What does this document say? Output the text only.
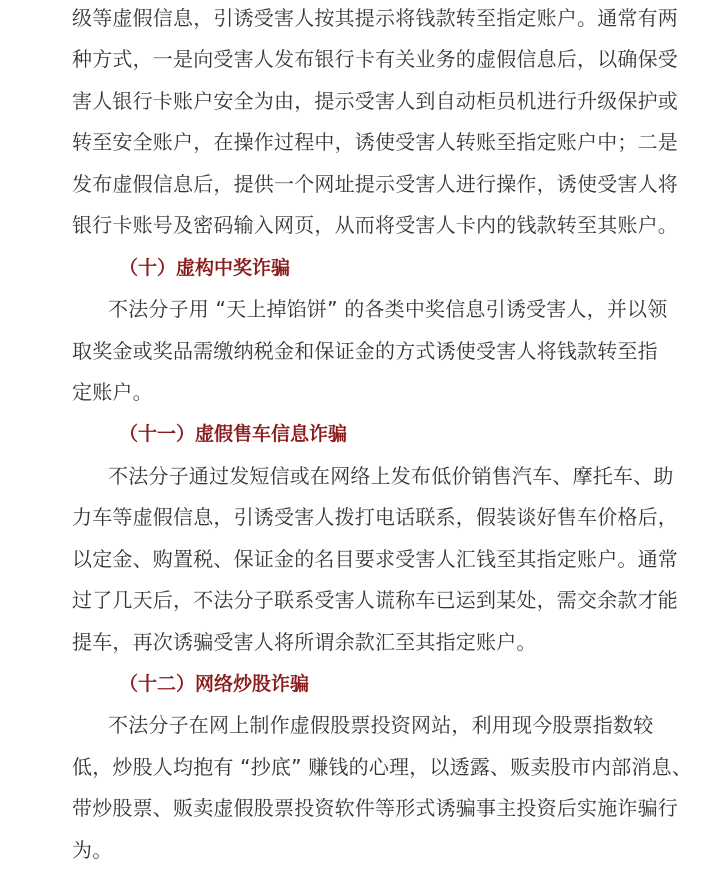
级等虚假信息，引诱受害人按其提示将钱款转至指定账户。通常有两
种方式，一是向受害人发布银行卡有关业务的虚假信息后，以确保受
害人银行卡账户安全为由，提示受害人到自动柜员机进行升级保护或
转至安全账户，在操作过程中，诱使受害人转账至指定账户中；二是
发布虚假信息后，提供一个网址提示受害人进行操作，诱使受害人将
银行卡账号及密码输入网页，从而将受害人卡内的钱款转至其账户。
（十）虚构中奖诈骗
不法分子用 “天上掉馅饼” 的各类中奖信息引诱受害人，并以领
取奖金或奖品需缴纳税金和保证金的方式诱使受害人将钱款转至指
定账户。
（十一）虚假售车信息诈骗
不法分子通过发短信或在网络上发布低价销售汽车、摩托车、助
力车等虚假信息，引诱受害人拨打电话联系，假装谈好售车价格后，
以定金、购置税、保证金的名目要求受害人汇钱至其指定账户。通常
过了几天后，不法分子联系受害人谎称车已运到某处，需交余款才能
提车，再次诱骗受害人将所谓余款汇至其指定账户。
（十二）网络炒股诈骗
不法分子在网上制作虚假股票投资网站，利用现今股票指数较
低，炒股人均抱有 “抄底” 赚钱的心理，以透露、贩卖股市内部消息、
带炒股票、贩卖虚假股票投资软件等形式诱骗事主投资后实施诈骗行
为。
